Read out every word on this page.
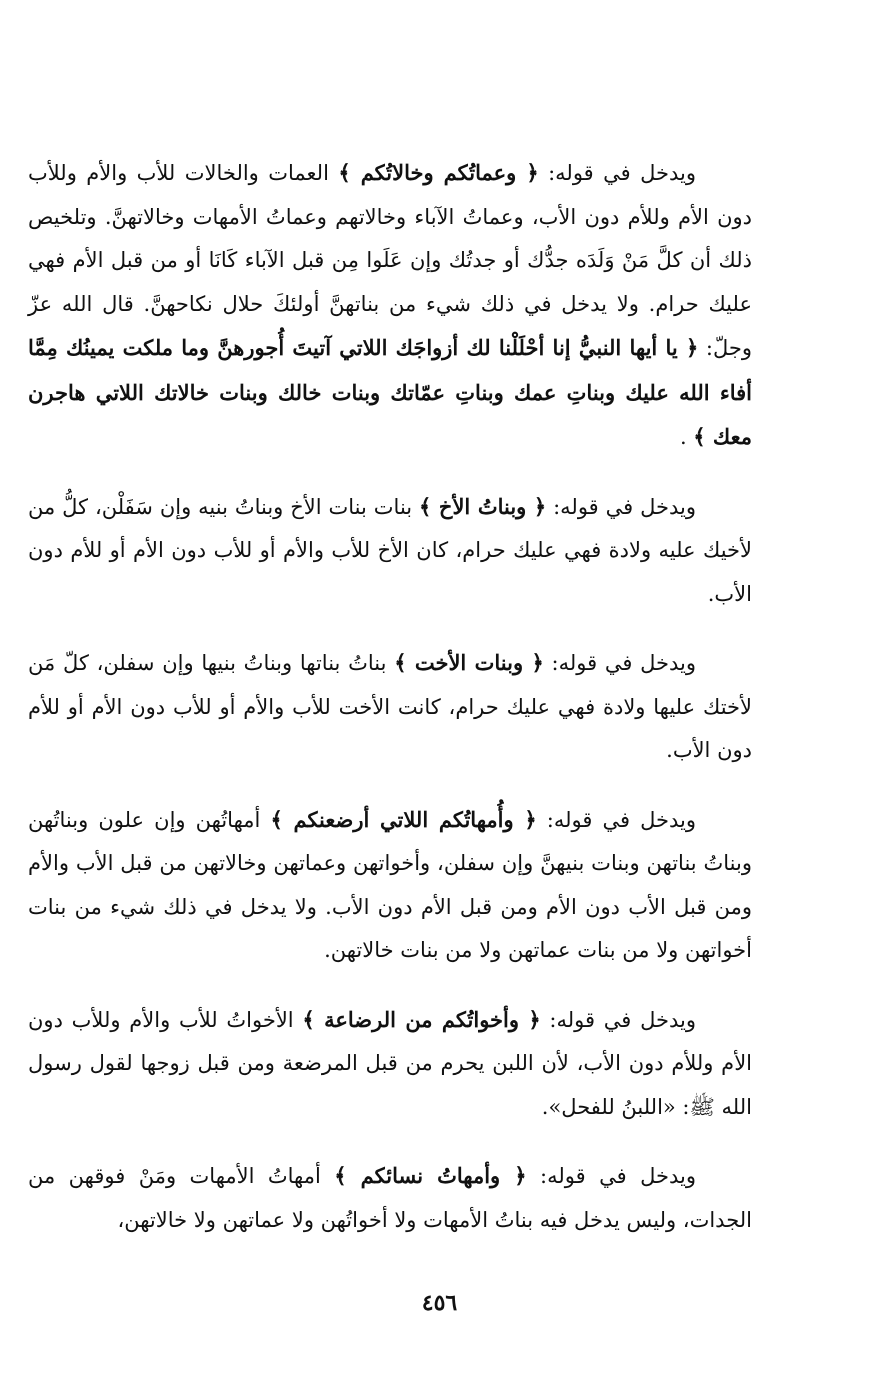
ويدخل في قوله: ﴿ وعماتُكم وخالاتُكم ﴾ العمات والخالات للأب والأم وللأب دون الأم وللأم دون الأب، وعماتُ الآباء وخالاتهم وعماتُ الأمهات وخالاتهنَّ. وتلخيص ذلك أن كلَّ مَنْ وَلَدَه جدُّك أو جدتُك وإن عَلَوا مِن قبل الآباء كَانَا أو من قبل الأم فهي عليك حرام. ولا يدخل في ذلك شيء من بناتهنَّ أولئكَ حلال نكاحهنَّ. قال الله عزّ وجلّ: ﴿ يا أيها النبيُّ إنا أحْلَلْنا لك أزواجَك اللاتي آتيتَ أُجورهنَّ وما ملكت يمينُك مِمَّا أفاء الله عليك وبناتِ عمك وبناتِ عمّاتك وبنات خالك وبنات خالاتك اللاتي هاجرن معك ﴾ .

ويدخل في قوله: ﴿ وبناتُ الأخ ﴾ بنات بنات الأخ وبناتُ بنيه وإن سَفَلْن، كلُّ من لأخيك عليه ولادة فهي عليك حرام، كان الأخ للأب والأم أو للأب دون الأم أو للأم دون الأب.

ويدخل في قوله: ﴿ وبنات الأخت ﴾ بناتُ بناتها وبناتُ بنيها وإن سفلن، كلّ مَن لأختك عليها ولادة فهي عليك حرام، كانت الأخت للأب والأم أو للأب دون الأم أو للأم دون الأب.

ويدخل في قوله: ﴿ وأُمهاتُكم اللاتي أرضعنكم ﴾ أمهاتُهن وإن علون وبناتُهن وبناتُ بناتهن وبنات بنيهنَّ وإن سفلن، وأخواتهن وعماتهن وخالاتهن من قبل الأب والأم ومن قبل الأب دون الأم ومن قبل الأم دون الأب. ولا يدخل في ذلك شيء من بنات أخواتهن ولا من بنات عماتهن ولا من بنات خالاتهن.

ويدخل في قوله: ﴿ وأخواتُكم من الرضاعة ﴾ الأخواتُ للأب والأم وللأب دون الأم وللأم دون الأب، لأن اللبن يحرم من قبل المرضعة ومن قبل زوجها لقول رسول الله ﷺ: «اللبنُ للفحل».

ويدخل في قوله: ﴿ وأمهاتُ نسائكم ﴾ أمهاتُ الأمهات ومَنْ فوقهن من الجدات، وليس يدخل فيه بناتُ الأمهات ولا أخواتُهن ولا عماتهن ولا خالاتهن،

٤٥٦
